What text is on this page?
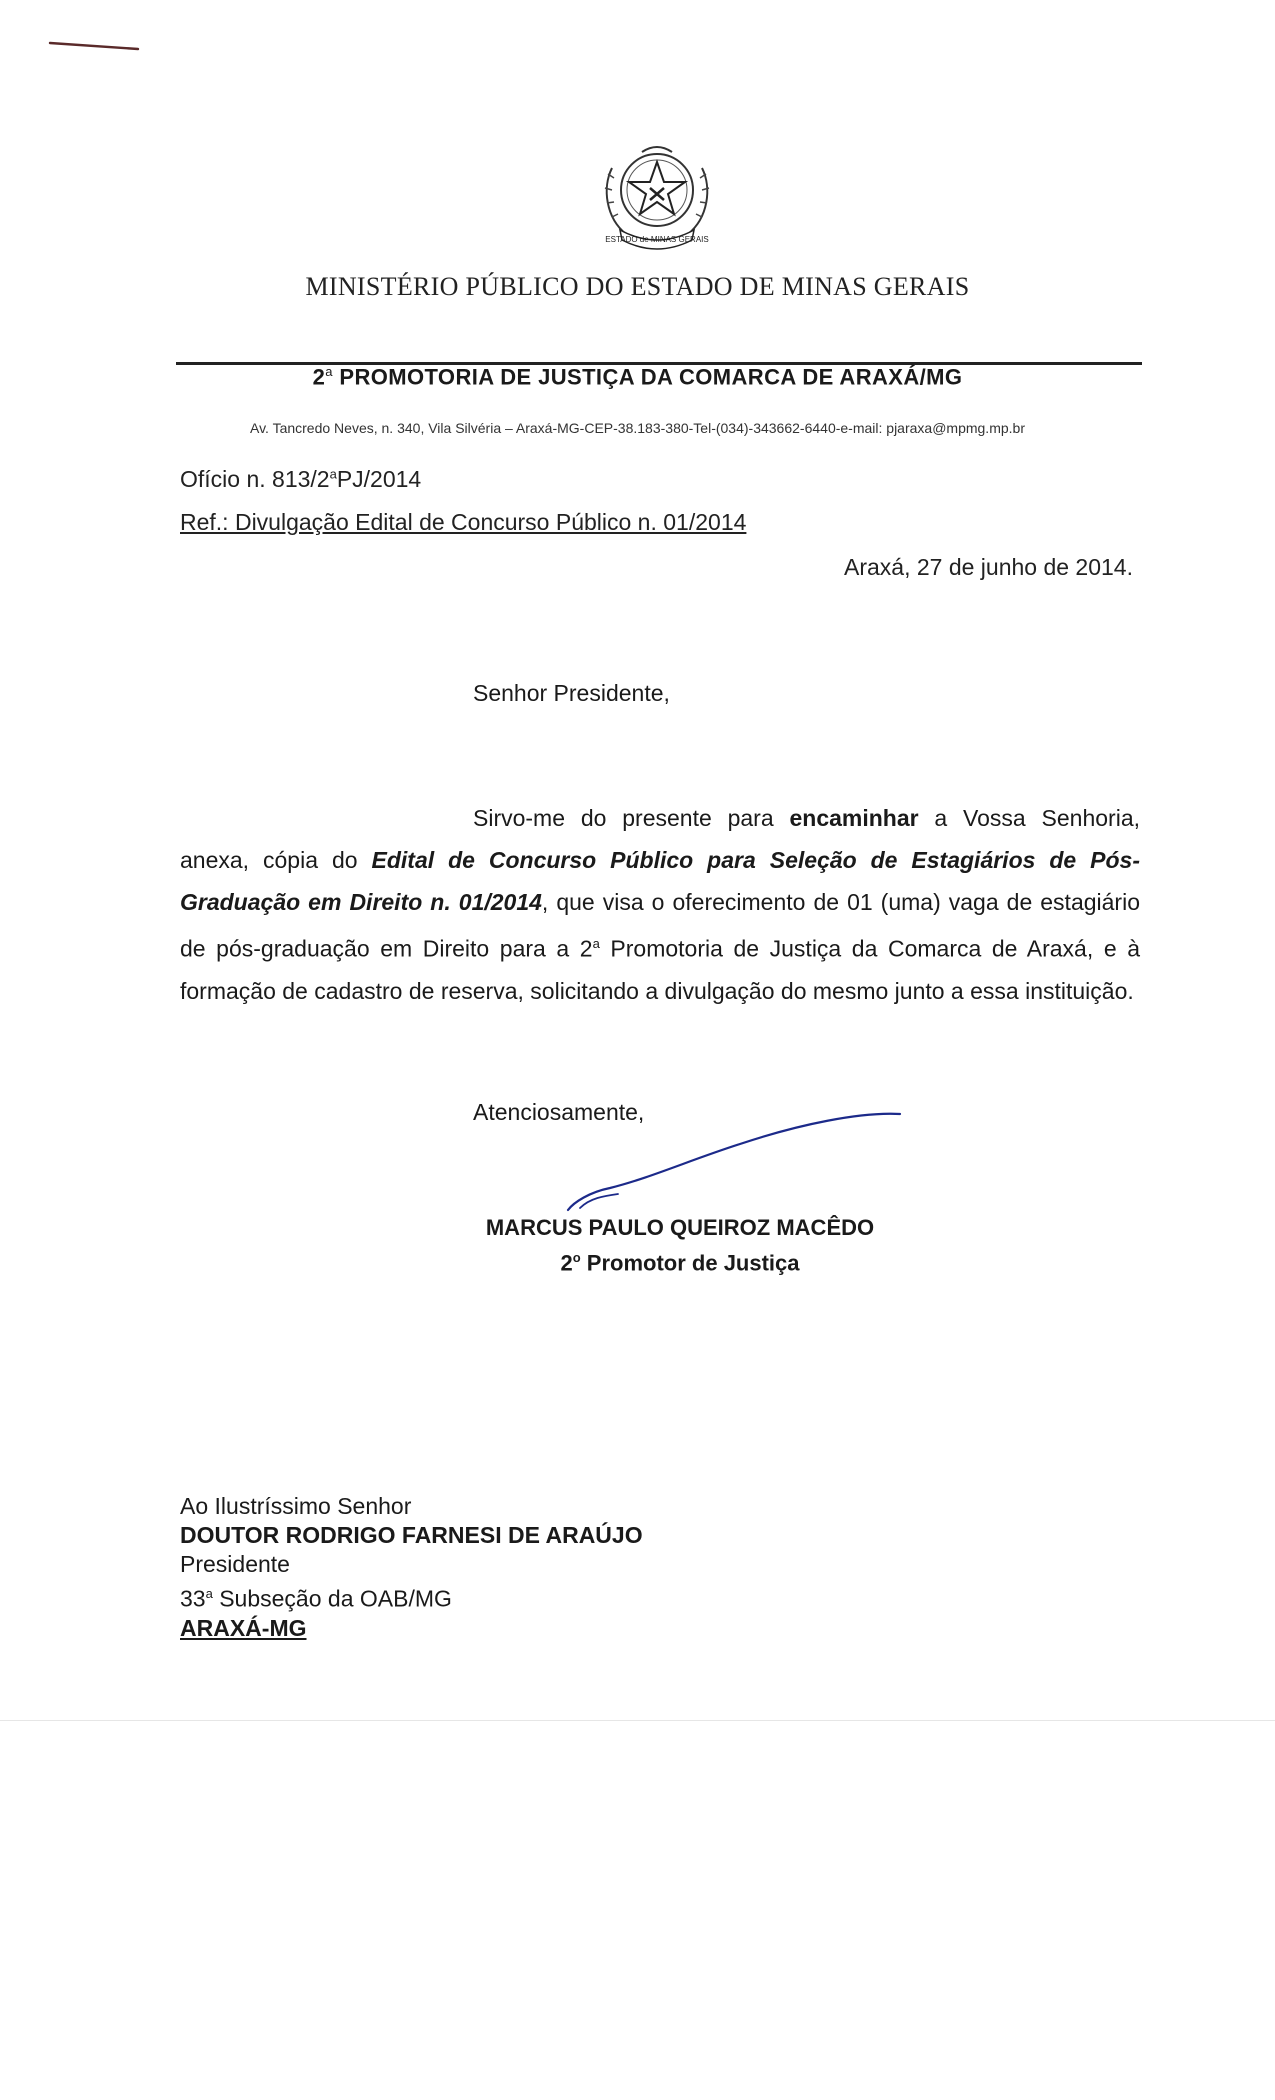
ESTADO de MINAS GERAIS
MINISTÉRIO PÚBLICO DO ESTADO DE MINAS GERAIS
2$^a$ PROMOTORIA DE JUSTIÇA DA COMARCA DE ARAXÁ/MG
Av. Tancredo Neves, n. 340, Vila Silvéria – Araxá-MG-CEP-38.183-380-Tel-(034)-343662-6440-e-mail: pjaraxa@mpmg.mp.br
Ofício n. 813/2$^a$PJ/2014
Ref.: Divulgação Edital de Concurso Público n. 01/2014
Araxá, 27 de junho de 2014.
Senhor Presidente,
Sirvo-me do presente para encaminhar a Vossa Senhoria, anexa, cópia do Edital de Concurso Público para Seleção de Estagiários de Pós-Graduação em Direito n. 01/2014, que visa o oferecimento de 01 (uma) vaga de estagiário de pós-graduação em Direito para a 2$^a$ Promotoria de Justiça da Comarca de Araxá, e à formação de cadastro de reserva, solicitando a divulgação do mesmo junto a essa instituição.
Atenciosamente,
MARCUS PAULO QUEIROZ MACÊDO
2$^o$ Promotor de Justiça
Ao Ilustríssimo Senhor
DOUTOR RODRIGO FARNESI DE ARAÚJO
Presidente
33$^a$ Subseção da OAB/MG
ARAXÁ-MG
